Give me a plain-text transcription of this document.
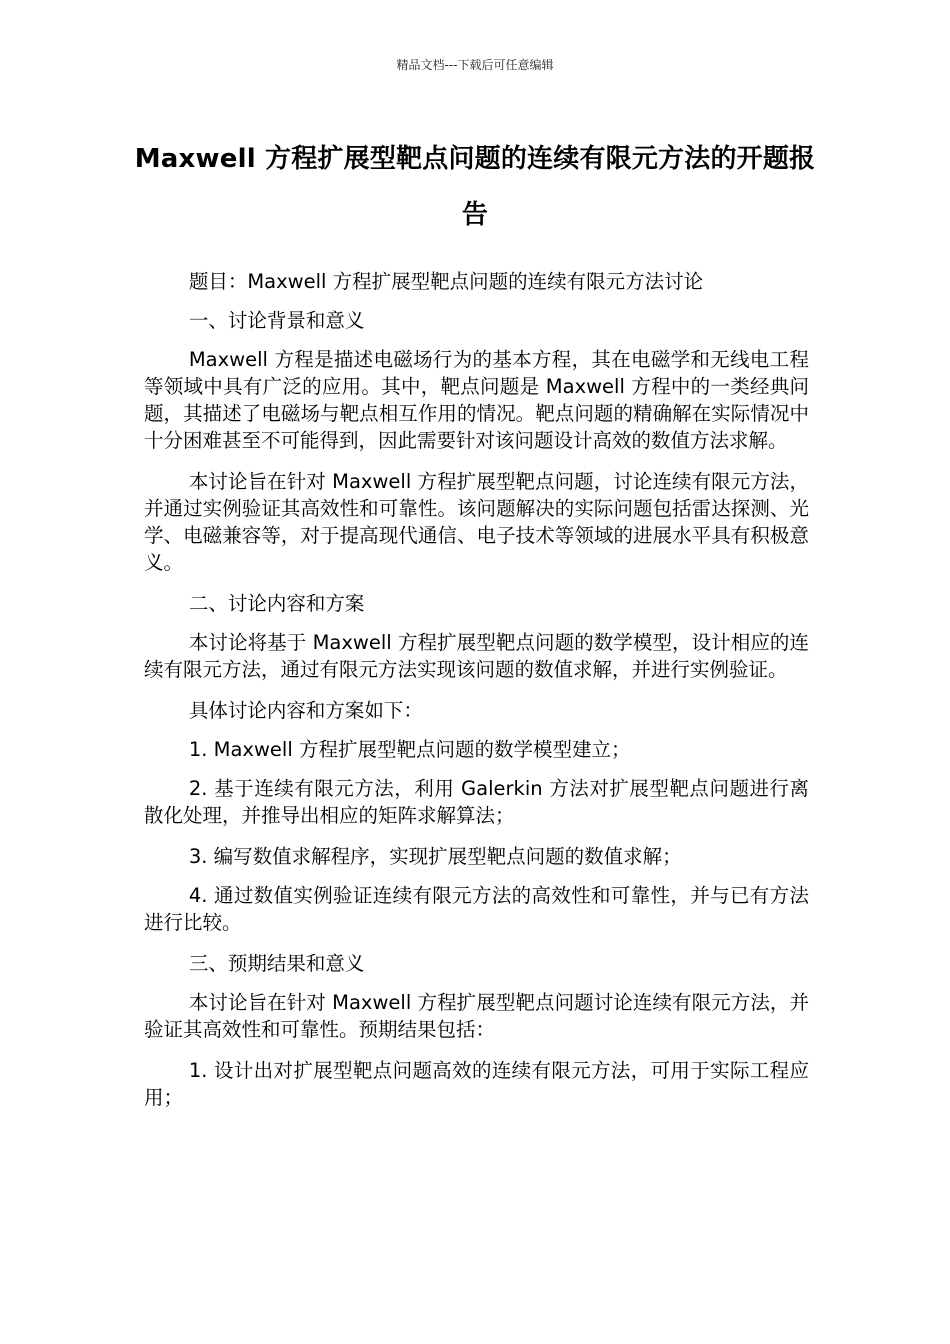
精品文档---下载后可任意编辑
Maxwell 方程扩展型靶点问题的连续有限元方法的开题报告

题目：Maxwell 方程扩展型靶点问题的连续有限元方法讨论

一、讨论背景和意义

Maxwell 方程是描述电磁场行为的基本方程，其在电磁学和无线电工程等领域中具有广泛的应用。其中，靶点问题是 Maxwell 方程中的一类经典问题，其描述了电磁场与靶点相互作用的情况。靶点问题的精确解在实际情况中十分困难甚至不可能得到，因此需要针对该问题设计高效的数值方法求解。

本讨论旨在针对 Maxwell 方程扩展型靶点问题，讨论连续有限元方法，并通过实例验证其高效性和可靠性。该问题解决的实际问题包括雷达探测、光学、电磁兼容等，对于提高现代通信、电子技术等领域的进展水平具有积极意义。

二、讨论内容和方案

本讨论将基于 Maxwell 方程扩展型靶点问题的数学模型，设计相应的连续有限元方法，通过有限元方法实现该问题的数值求解，并进行实例验证。

具体讨论内容和方案如下：

1. Maxwell 方程扩展型靶点问题的数学模型建立；

2. 基于连续有限元方法，利用 Galerkin 方法对扩展型靶点问题进行离散化处理，并推导出相应的矩阵求解算法；

3. 编写数值求解程序，实现扩展型靶点问题的数值求解；

4. 通过数值实例验证连续有限元方法的高效性和可靠性，并与已有方法进行比较。

三、预期结果和意义

本讨论旨在针对 Maxwell 方程扩展型靶点问题讨论连续有限元方法，并验证其高效性和可靠性。预期结果包括：

1. 设计出对扩展型靶点问题高效的连续有限元方法，可用于实际工程应用；
